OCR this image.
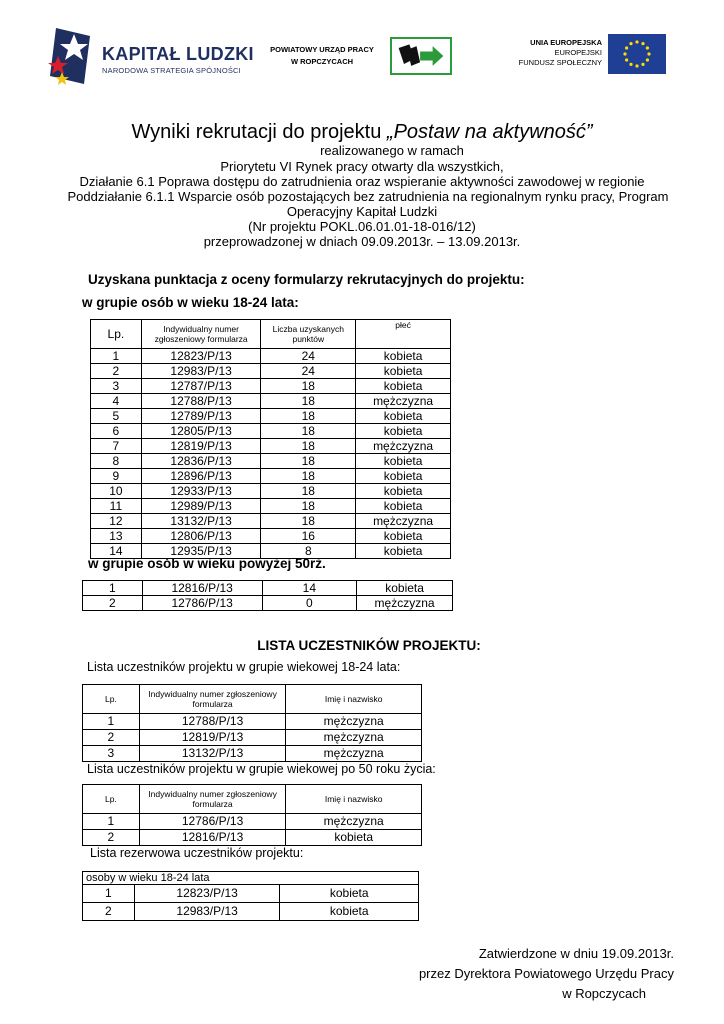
KAPITAŁ LUDZKI
NARODOWA STRATEGIA SPÓJNOŚCI
POWIATOWY URZĄD PRACY
W ROPCZYCACH
UNIA EUROPEJSKA
EUROPEJSKI
FUNDUSZ SPOŁECZNY
Wyniki rekrutacji do projektu „Postaw na aktywność”
realizowanego w ramach
Priorytetu VI Rynek pracy otwarty dla wszystkich,
Działanie 6.1 Poprawa dostępu do zatrudnienia oraz wspieranie aktywności zawodowej w regionie
Poddziałanie 6.1.1 Wsparcie osób pozostających bez zatrudnienia na regionalnym rynku pracy, Program
Operacyjny Kapitał Ludzki
(Nr projektu POKL.06.01.01-18-016/12)
przeprowadzonej w dniach 09.09.2013r. – 13.09.2013r.
Uzyskana punktacja z oceny formularzy rekrutacyjnych do projektu:
w grupie osób w wieku 18-24 lata:
Lp.	Indywidualny numer zgłoszeniowy formularza	Liczba uzyskanych punktów	płeć
1	12823/P/13	24	kobieta
2	12983/P/13	24	kobieta
3	12787/P/13	18	kobieta
4	12788/P/13	18	mężczyzna
5	12789/P/13	18	kobieta
6	12805/P/13	18	kobieta
7	12819/P/13	18	mężczyzna
8	12836/P/13	18	kobieta
9	12896/P/13	18	kobieta
10	12933/P/13	18	kobieta
11	12989/P/13	18	kobieta
12	13132/P/13	18	mężczyzna
13	12806/P/13	16	kobieta
14	12935/P/13	8	kobieta
w grupie osób w wieku powyżej 50rż.
1	12816/P/13	14	kobieta
2	12786/P/13	0	mężczyzna
LISTA UCZESTNIKÓW PROJEKTU:
Lista uczestników projektu w grupie wiekowej 18-24 lata:
Lp.	Indywidualny numer zgłoszeniowy formularza	Imię i nazwisko
1	12788/P/13	mężczyzna
2	12819/P/13	mężczyzna
3	13132/P/13	mężczyzna
Lista uczestników projektu w grupie wiekowej po 50 roku życia:
Lp.	Indywidualny numer zgłoszeniowy formularza	Imię i nazwisko
1	12786/P/13	mężczyzna
2	12816/P/13	kobieta
Lista rezerwowa uczestników projektu:
osoby w wieku 18-24 lata		
1	12823/P/13	kobieta
2	12983/P/13	kobieta
Zatwierdzone w dniu 19.09.2013r.
przez Dyrektora Powiatowego Urzędu Pracy
w Ropczycach
